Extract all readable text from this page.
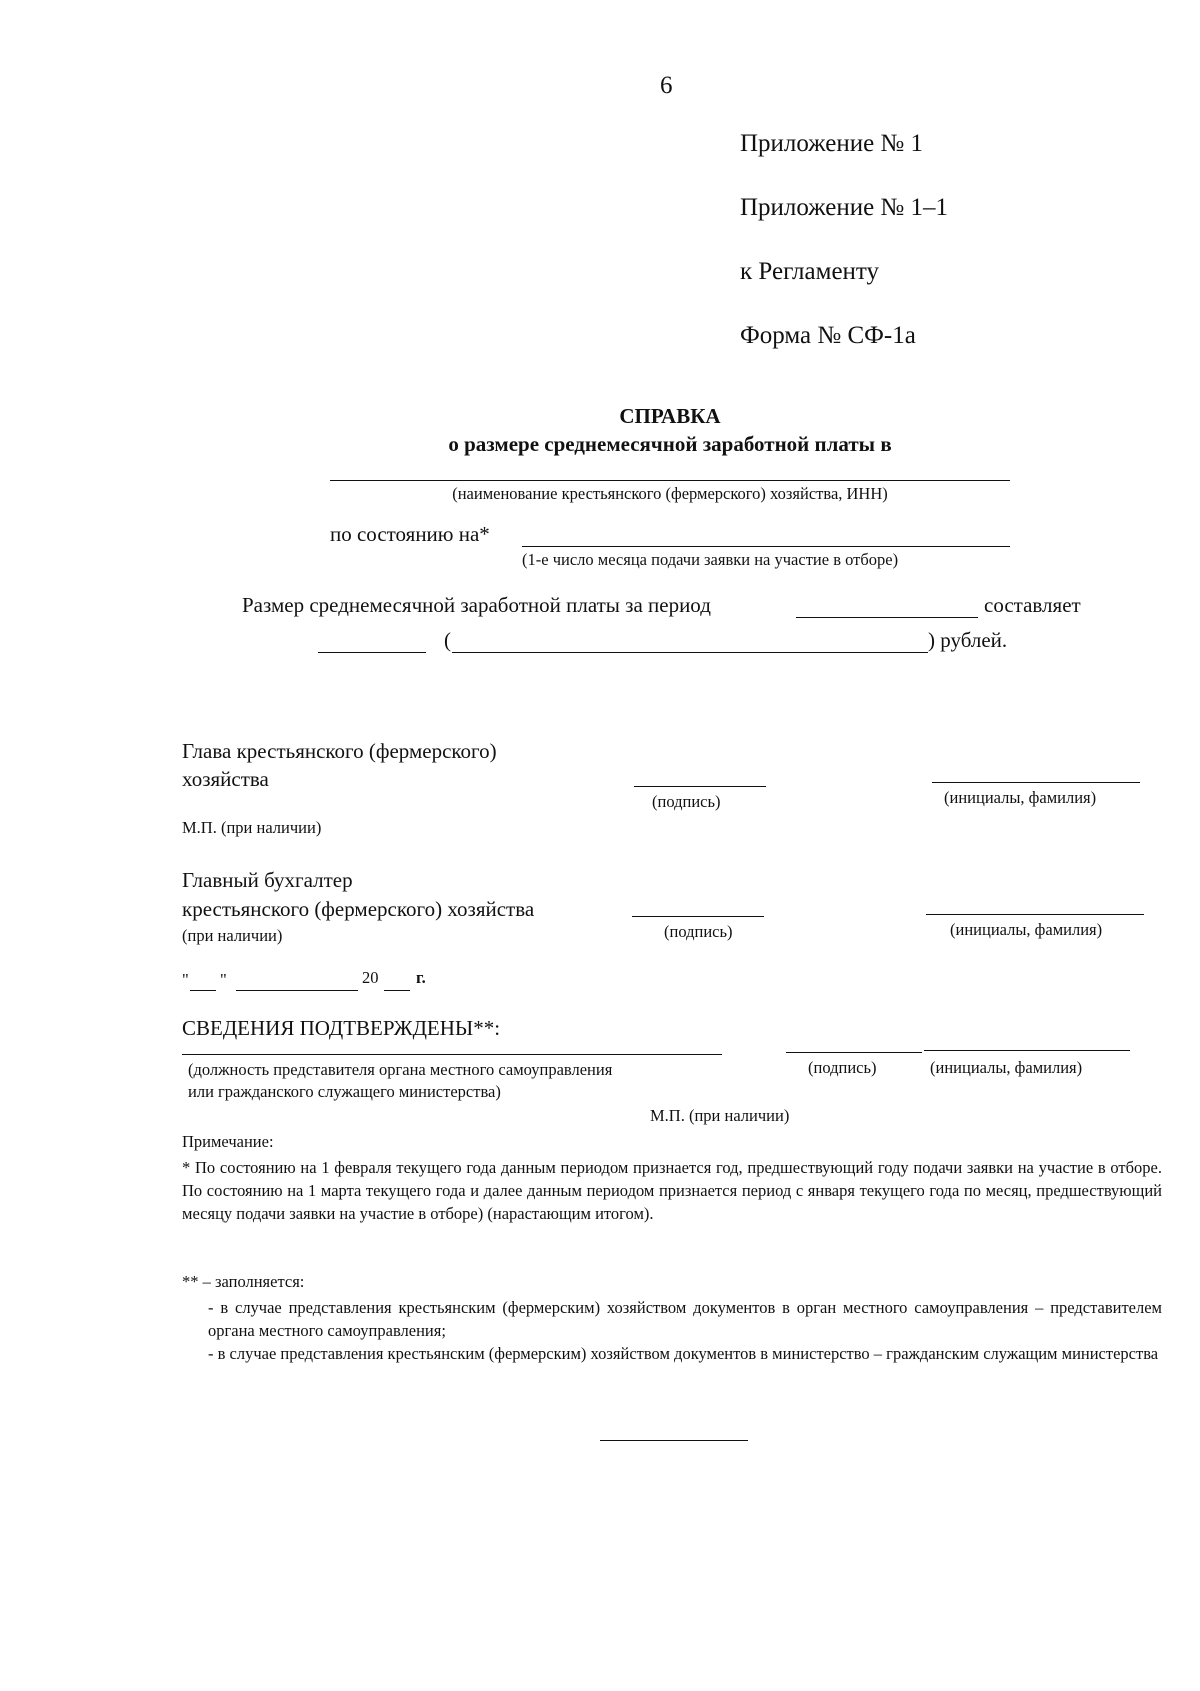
6
Приложение № 1
Приложение № 1–1
к Регламенту
Форма № СФ-1а
СПРАВКА
о размере среднемесячной заработной платы в
(наименование крестьянского (фермерского) хозяйства, ИНН)
по состоянию на*
(1-е число месяца подачи заявки на участие в отборе)
Размер среднемесячной заработной платы за период	составляет
(	) рублей.
Глава крестьянского (фермерского)
хозяйства
(подпись)	(инициалы, фамилия)
М.П. (при наличии)
Главный бухгалтер
крестьянского (фермерского) хозяйства
(при наличии)	(подпись)	(инициалы, фамилия)
" "	20 г.
СВЕДЕНИЯ ПОДТВЕРЖДЕНЫ**:
(должность представителя органа местного самоуправления
или гражданского служащего министерства)
(подпись)	(инициалы, фамилия)
М.П. (при наличии)
Примечание:
* По состоянию на 1 февраля текущего года данным периодом признается год, предшествующий году подачи заявки на участие в отборе. По состоянию на 1 марта текущего года и далее данным периодом признается период с января текущего года по месяц, предшествующий месяцу подачи заявки на участие в отборе) (нарастающим итогом).
** – заполняется:
- в случае представления крестьянским (фермерским) хозяйством документов в орган местного самоуправления – представителем органа местного самоуправления;
- в случае представления крестьянским (фермерским) хозяйством документов в министерство – гражданским служащим министерства
